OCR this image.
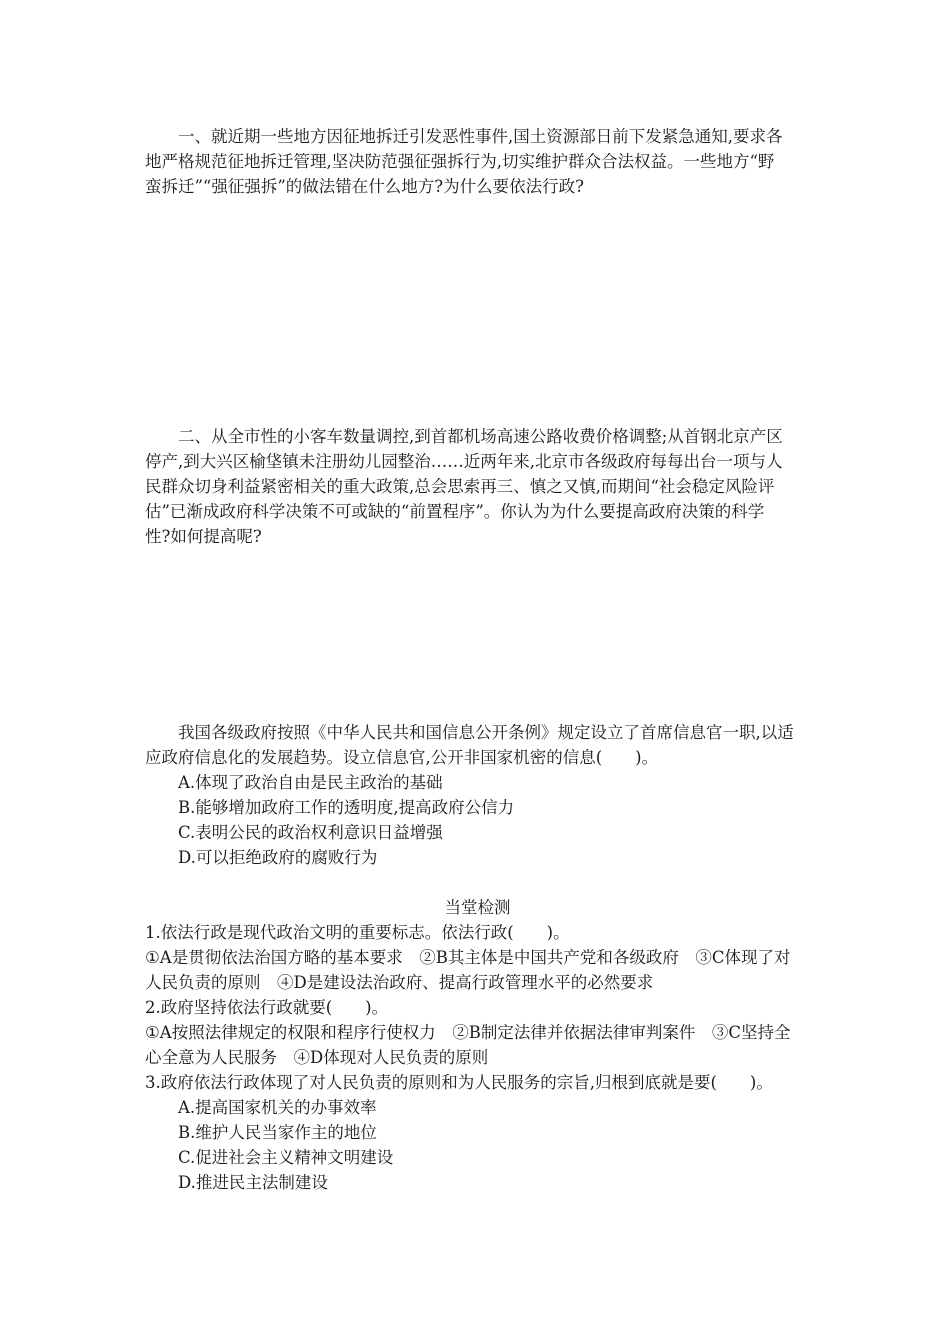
一、就近期一些地方因征地拆迁引发恶性事件,国土资源部日前下发紧急通知,要求各
地严格规范征地拆迁管理,坚决防范强征强拆行为,切实维护群众合法权益。一些地方“野
蛮拆迁”“强征强拆”的做法错在什么地方?为什么要依法行政?
二、从全市性的小客车数量调控,到首都机场高速公路收费价格调整;从首钢北京产区
停产,到大兴区榆垡镇未注册幼儿园整治……近两年来,北京市各级政府每每出台一项与人
民群众切身利益紧密相关的重大政策,总会思索再三、慎之又慎,而期间“社会稳定风险评
估”已渐成政府科学决策不可或缺的“前置程序”。你认为为什么要提高政府决策的科学
性?如何提高呢?
我国各级政府按照《中华人民共和国信息公开条例》规定设立了首席信息官一职,以适
应政府信息化的发展趋势。设立信息官,公开非国家机密的信息(　　)。
A.体现了政治自由是民主政治的基础
B.能够增加政府工作的透明度,提高政府公信力
C.表明公民的政治权利意识日益增强
D.可以拒绝政府的腐败行为
当堂检测
1.依法行政是现代政治文明的重要标志。依法行政(　　)。
①A是贯彻依法治国方略的基本要求　②B其主体是中国共产党和各级政府　③C体现了对
人民负责的原则　④D是建设法治政府、提高行政管理水平的必然要求
2.政府坚持依法行政就要(　　)。
①A按照法律规定的权限和程序行使权力　②B制定法律并依据法律审判案件　③C坚持全
心全意为人民服务　④D体现对人民负责的原则
3.政府依法行政体现了对人民负责的原则和为人民服务的宗旨,归根到底就是要(　　)。
A.提高国家机关的办事效率
B.维护人民当家作主的地位
C.促进社会主义精神文明建设
D.推进民主法制建设
